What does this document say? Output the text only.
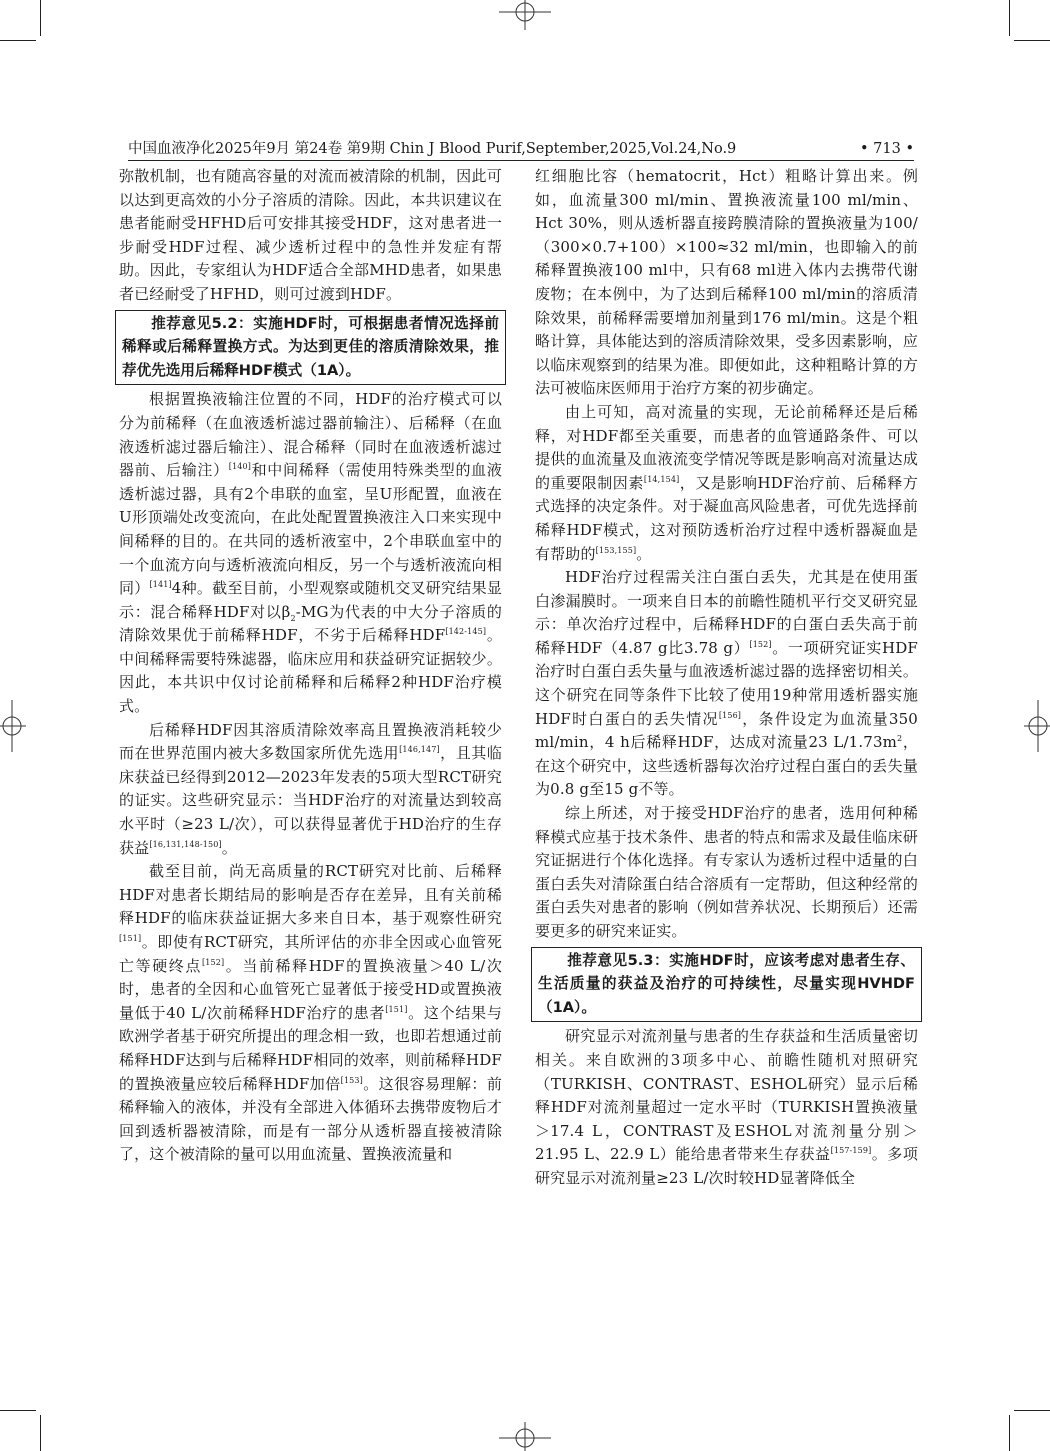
中国血液净化2025年9月 第24卷 第9期 Chin J Blood Purif,September,2025,Vol.24,No.9	• 713 •

弥散机制，也有随高容量的对流而被清除的机制，因此可以达到更高效的小分子溶质的清除。因此，本共识建议在患者能耐受HFHD后可安排其接受HDF，这对患者进一步耐受HDF过程、减少透析过程中的急性并发症有帮助。因此，专家组认为HDF适合全部MHD患者，如果患者已经耐受了HFHD，则可过渡到HDF。

推荐意见5.2：实施HDF时，可根据患者情况选择前稀释或后稀释置换方式。为达到更佳的溶质清除效果，推荐优先选用后稀释HDF模式（1A）。

根据置换液输注位置的不同，HDF的治疗模式可以分为前稀释（在血液透析滤过器前输注）、后稀释（在血液透析滤过器后输注）、混合稀释（同时在血液透析滤过器前、后输注）[140]和中间稀释（需使用特殊类型的血液透析滤过器，具有2个串联的血室，呈U形配置，血液在U形顶端处改变流向，在此处配置置换液注入口来实现中间稀释的目的。在共同的透析液室中，2个串联血室中的一个血流方向与透析液流向相反，另一个与透析液流向相同）[141]4种。截至目前，小型观察或随机交叉研究结果显示：混合稀释HDF对以$\beta_2-MG$为代表的中大分子溶质的清除效果优于前稀释HDF，不劣于后稀释HDF[142-145]。中间稀释需要特殊滤器，临床应用和获益研究证据较少。因此，本共识中仅讨论前稀释和后稀释2种HDF治疗模式。

后稀释HDF因其溶质清除效率高且置换液消耗较少而在世界范围内被大多数国家所优先选用[146,147]，且其临床获益已经得到2012—2023年发表的5项大型RCT研究的证实。这些研究显示：当HDF治疗的对流量达到较高水平时（≥23 L/次），可以获得显著优于HD治疗的生存获益[16,131,148-150]。

截至目前，尚无高质量的RCT研究对比前、后稀释HDF对患者长期结局的影响是否存在差异，且有关前稀释HDF的临床获益证据大多来自日本，基于观察性研究[151]。即使有RCT研究，其所评估的亦非全因或心血管死亡等硬终点[152]。当前稀释HDF的置换液量＞40 L/次时，患者的全因和心血管死亡显著低于接受HD或置换液量低于40 L/次前稀释HDF治疗的患者[151]。这个结果与欧洲学者基于研究所提出的理念相一致，也即若想通过前稀释HDF达到与后稀释HDF相同的效率，则前稀释HDF的置换液量应较后稀释HDF加倍[153]。这很容易理解：前稀释输入的液体，并没有全部进入体循环去携带废物后才回到透析器被清除，而是有一部分从透析器直接被清除了，这个被清除的量可以用血流量、置换液流量和

红细胞比容（hematocrit，Hct）粗略计算出来。例如，血流量300 ml/min、置换液流量100 ml/min、Hct 30%，则从透析器直接跨膜清除的置换液量为100/（300×0.7+100）×100≈32 ml/min，也即输入的前稀释置换液100 ml中，只有68 ml进入体内去携带代谢废物；在本例中，为了达到后稀释100 ml/min的溶质清除效果，前稀释需要增加剂量到176 ml/min。这是个粗略计算，具体能达到的溶质清除效果，受多因素影响，应以临床观察到的结果为准。即便如此，这种粗略计算的方法可被临床医师用于治疗方案的初步确定。

由上可知，高对流量的实现，无论前稀释还是后稀释，对HDF都至关重要，而患者的血管通路条件、可以提供的血流量及血液流变学情况等既是影响高对流量达成的重要限制因素[14,154]，又是影响HDF治疗前、后稀释方式选择的决定条件。对于凝血高风险患者，可优先选择前稀释HDF模式，这对预防透析治疗过程中透析器凝血是有帮助的[153,155]。

HDF治疗过程需关注白蛋白丢失，尤其是在使用蛋白渗漏膜时。一项来自日本的前瞻性随机平行交叉研究显示：单次治疗过程中，后稀释HDF的白蛋白丢失高于前稀释HDF（4.87 g比3.78 g）[152]。一项研究证实HDF治疗时白蛋白丢失量与血液透析滤过器的选择密切相关。这个研究在同等条件下比较了使用19种常用透析器实施HDF时白蛋白的丢失情况[156]，条件设定为血流量350 ml/min，4 h后稀释HDF，达成对流量23 $L/1.73m^2$，在这个研究中，这些透析器每次治疗过程白蛋白的丢失量为0.8 g至15 g不等。

综上所述，对于接受HDF治疗的患者，选用何种稀释模式应基于技术条件、患者的特点和需求及最佳临床研究证据进行个体化选择。有专家认为透析过程中适量的白蛋白丢失对清除蛋白结合溶质有一定帮助，但这种经常的蛋白丢失对患者的影响（例如营养状况、长期预后）还需要更多的研究来证实。

推荐意见5.3：实施HDF时，应该考虑对患者生存、生活质量的获益及治疗的可持续性，尽量实现HVHDF（1A）。

研究显示对流剂量与患者的生存获益和生活质量密切相关。来自欧洲的3项多中心、前瞻性随机对照研究（TURKISH、CONTRAST、ESHOL研究）显示后稀释HDF对流剂量超过一定水平时（TURKISH置换液量＞17.4 L，CONTRAST及ESHOL对流剂量分别＞21.95 L、22.9 L）能给患者带来生存获益[157-159]。多项研究显示对流剂量≥23 L/次时较HD显著降低全
